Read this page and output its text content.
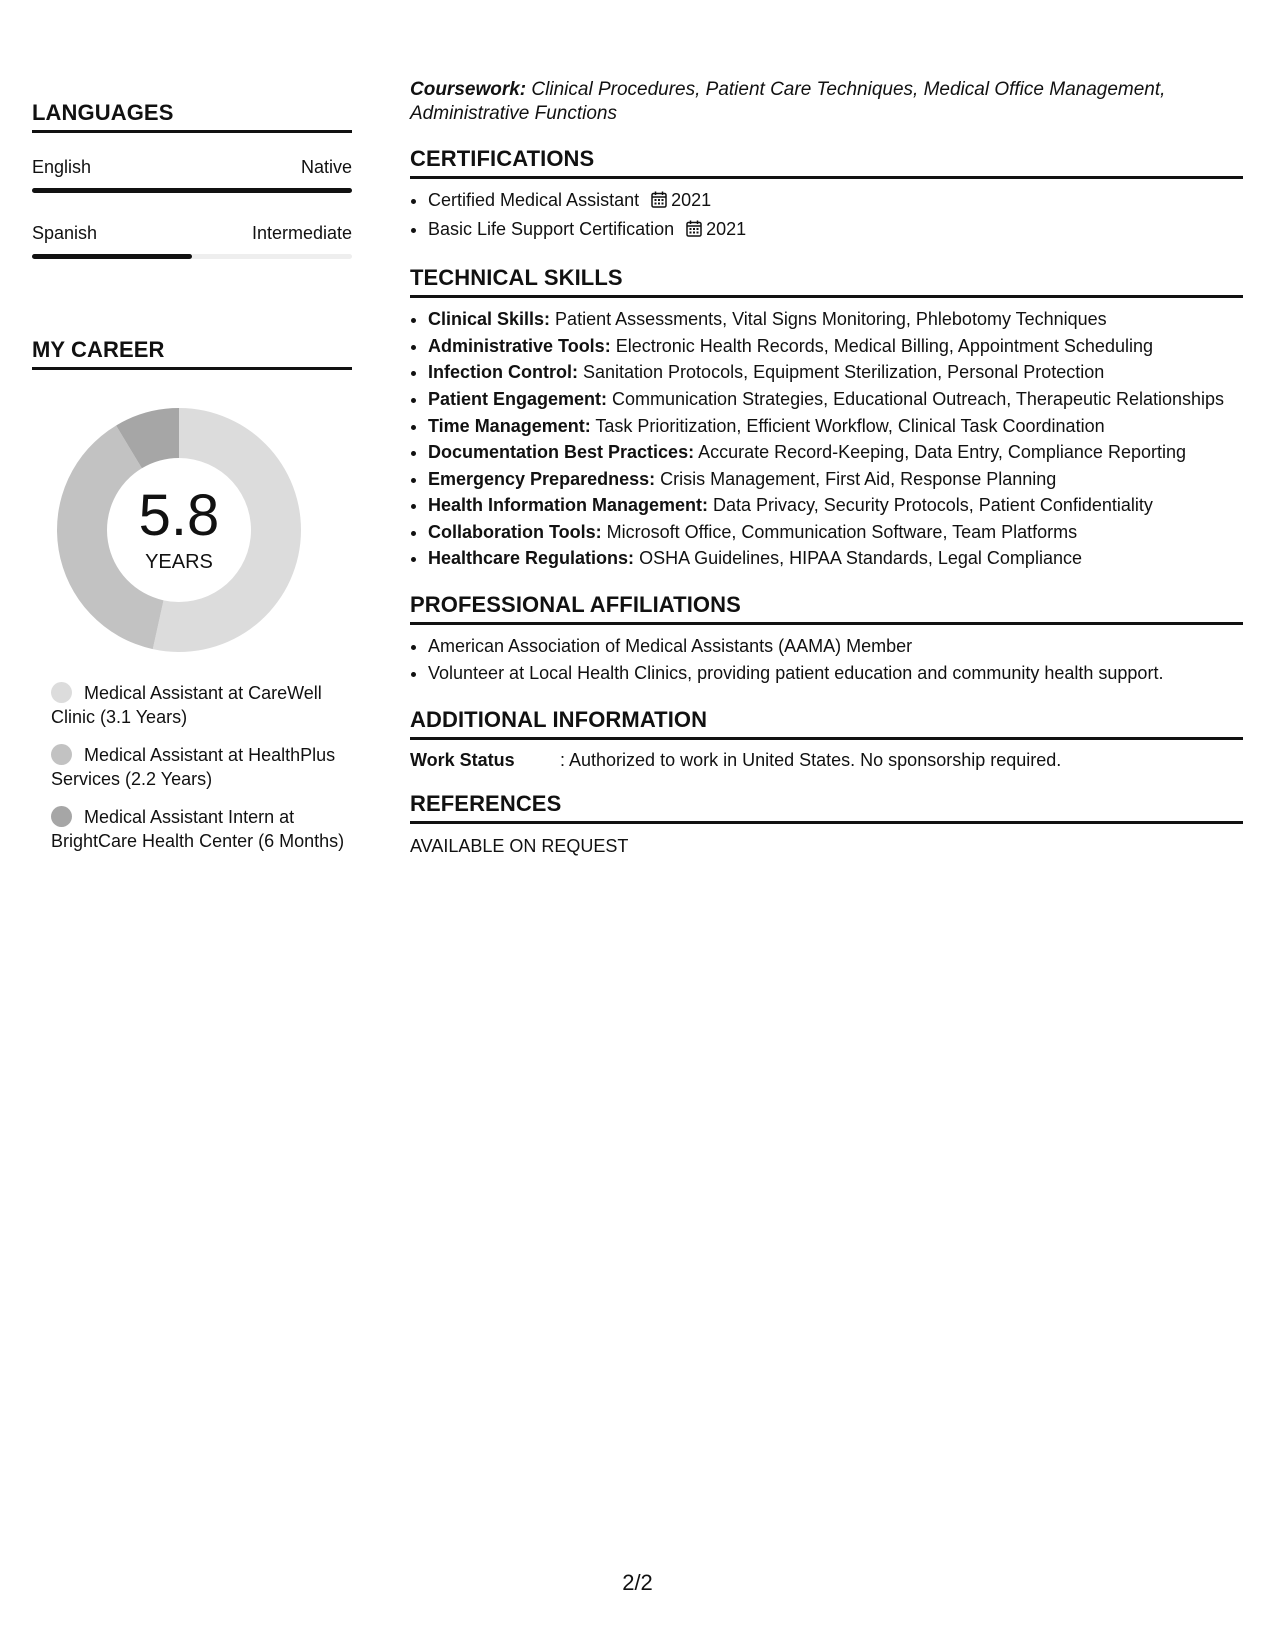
LANGUAGES
English	Native
Spanish	Intermediate
MY CAREER
5.8
YEARS
Medical Assistant at CareWell Clinic (3.1 Years)
Medical Assistant at HealthPlus Services (2.2 Years)
Medical Assistant Intern at BrightCare Health Center (6 Months)
Coursework: Clinical Procedures, Patient Care Techniques, Medical Office Management, Administrative Functions
CERTIFICATIONS
• Certified Medical Assistant 2021
• Basic Life Support Certification 2021
TECHNICAL SKILLS
• Clinical Skills: Patient Assessments, Vital Signs Monitoring, Phlebotomy Techniques
• Administrative Tools: Electronic Health Records, Medical Billing, Appointment Scheduling
• Infection Control: Sanitation Protocols, Equipment Sterilization, Personal Protection
• Patient Engagement: Communication Strategies, Educational Outreach, Therapeutic Relationships
• Time Management: Task Prioritization, Efficient Workflow, Clinical Task Coordination
• Documentation Best Practices: Accurate Record-Keeping, Data Entry, Compliance Reporting
• Emergency Preparedness: Crisis Management, First Aid, Response Planning
• Health Information Management: Data Privacy, Security Protocols, Patient Confidentiality
• Collaboration Tools: Microsoft Office, Communication Software, Team Platforms
• Healthcare Regulations: OSHA Guidelines, HIPAA Standards, Legal Compliance
PROFESSIONAL AFFILIATIONS
• American Association of Medical Assistants (AAMA) Member
• Volunteer at Local Health Clinics, providing patient education and community health support.
ADDITIONAL INFORMATION
Work Status	: Authorized to work in United States. No sponsorship required.
REFERENCES
AVAILABLE ON REQUEST
2/2
